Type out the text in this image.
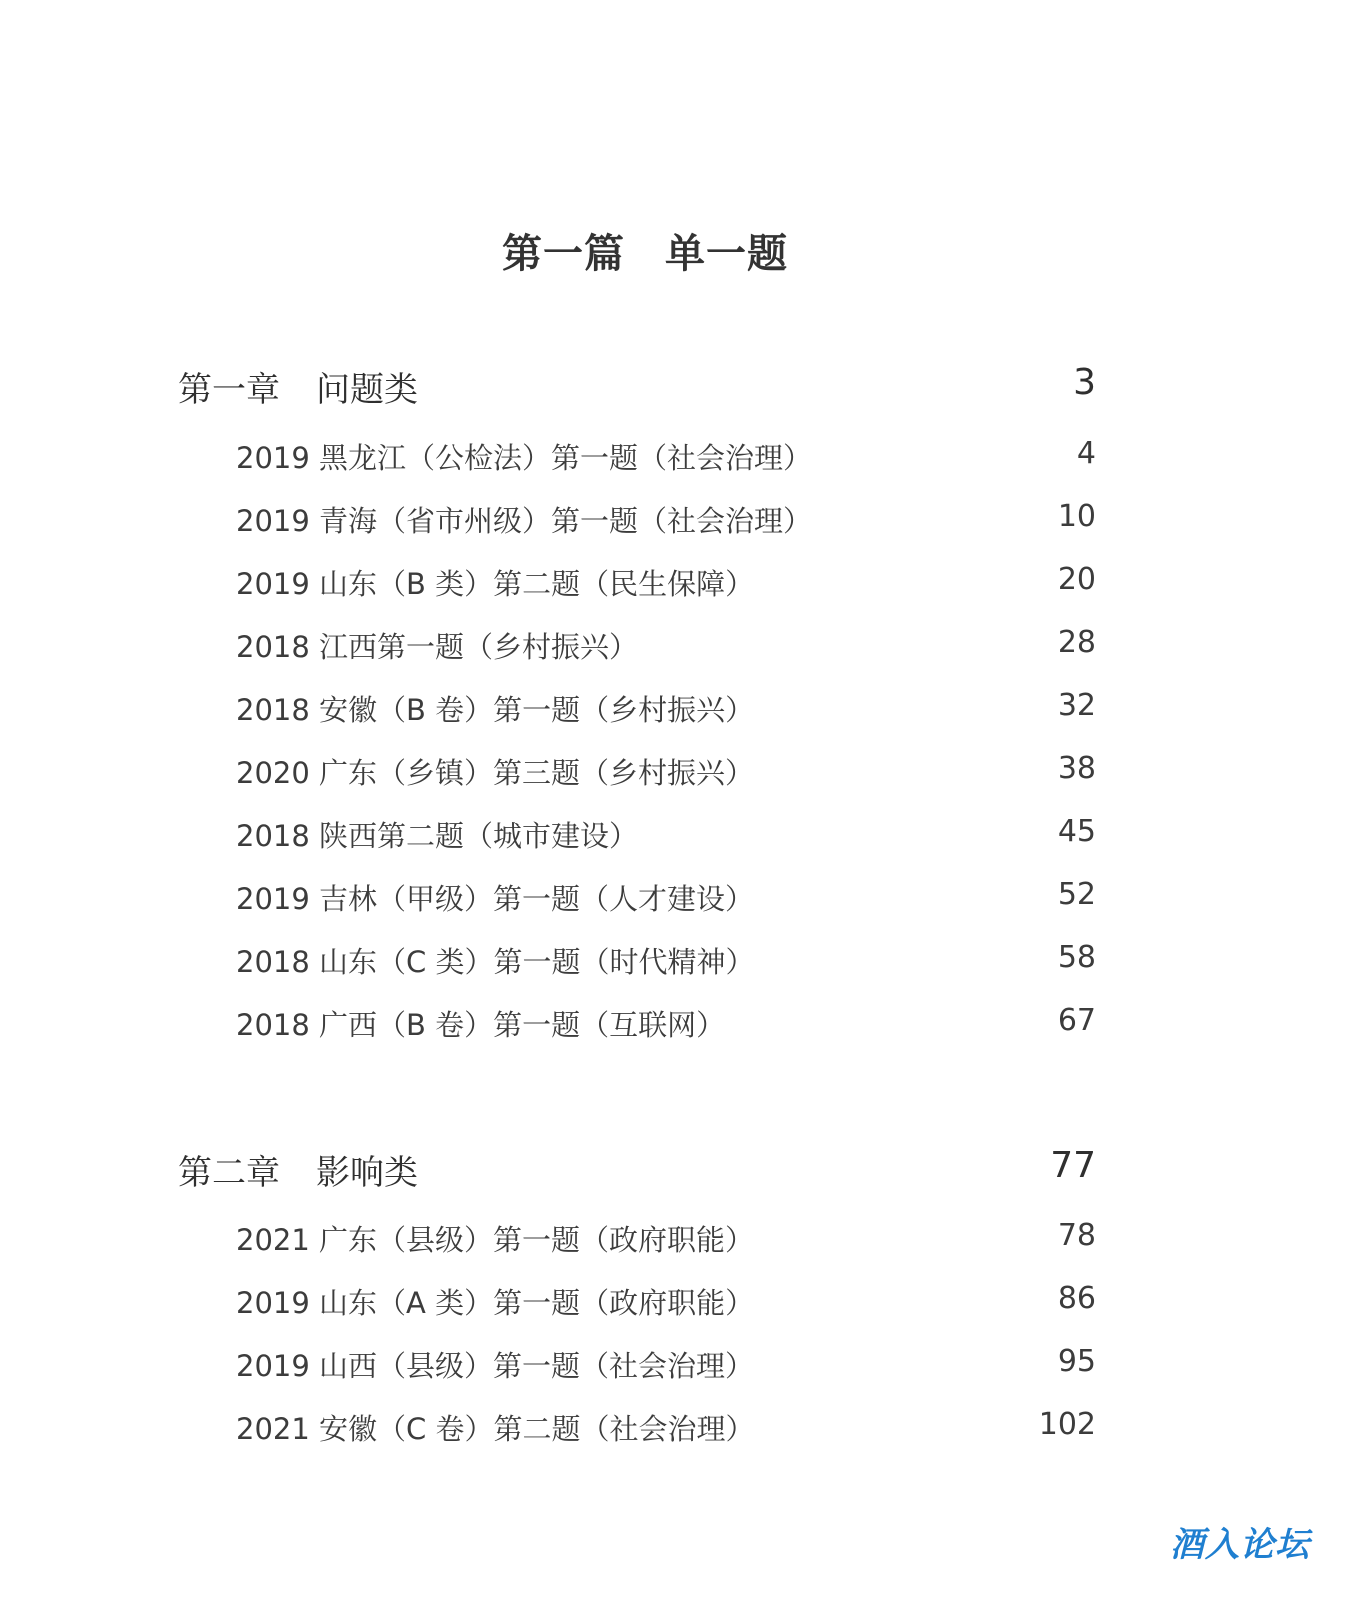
第一篇 单一题
第一章 问题类	3
2019 黑龙江（公检法）第一题（社会治理）	4
2019 青海（省市州级）第一题（社会治理）	10
2019 山东（B 类）第二题（民生保障）	20
2018 江西第一题（乡村振兴）	28
2018 安徽（B 卷）第一题（乡村振兴）	32
2020 广东（乡镇）第三题（乡村振兴）	38
2018 陕西第二题（城市建设）	45
2019 吉林（甲级）第一题（人才建设）	52
2018 山东（C 类）第一题（时代精神）	58
2018 广西（B 卷）第一题（互联网）	67
第二章 影响类	77
2021 广东（县级）第一题（政府职能）	78
2019 山东（A 类）第一题（政府职能）	86
2019 山西（县级）第一题（社会治理）	95
2021 安徽（C 卷）第二题（社会治理）	102
酒入论坛
